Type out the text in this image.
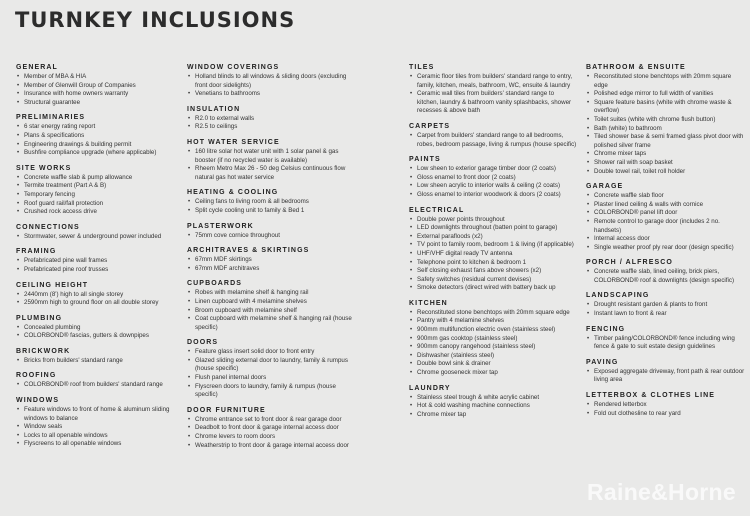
TURNKEY INCLUSIONS
GENERAL
• Member of MBA & HIA
• Member of Glenwill Group of Companies
• Insurance with home owners warranty
• Structural guarantee
PRELIMINARIES
• 6 star energy rating report
• Plans & specifications
• Engineering drawings & building permit
• Bushfire compliance upgrade (where applicable)
SITE WORKS
• Concrete waffle slab & pump allowance
• Termite treatment (Part A & B)
• Temporary fencing
• Roof guard rail/fall protection
• Crushed rock access drive
CONNECTIONS
• Stormwater, sewer & underground power included
FRAMING
• Prefabricated pine wall frames
• Prefabricated pine roof trusses
CEILING HEIGHT
• 2440mm (8') high to all single storey
• 2590mm high to ground floor on all double storey
PLUMBING
• Concealed plumbing
• COLORBOND® fascias, gutters & downpipes
BRICKWORK
• Bricks from builders' standard range
ROOFING
• COLORBOND® roof from builders' standard range
WINDOWS
• Feature windows to front of home & aluminum sliding windows to balance
• Window seals
• Locks to all openable windows
• Flyscreens to all openable windows
WINDOW COVERINGS
• Holland blinds to all windows & sliding doors (excluding front door sidelights)
• Venetians to bathrooms
INSULATION
• R2.0 to external walls
• R2.5 to ceilings
HOT WATER SERVICE
• 160 litre solar hot water unit with 1 solar panel & gas booster (if no recycled water is available)
• Rheem Metro Max 26 - 50 deg Celsius continuous flow natural gas hot water service
HEATING & COOLING
• Ceiling fans to living room & all bedrooms
• Split cycle cooling unit to family & Bed 1
PLASTERWORK
• 75mm cove cornice throughout
ARCHITRAVES & SKIRTINGS
• 67mm MDF skirtings
• 67mm MDF architraves
CUPBOARDS
• Robes with melamine shelf & hanging rail
• Linen cupboard with 4 melamine shelves
• Broom cupboard with melamine shelf
• Coat cupboard with melamine shelf & hanging rail (house specific)
DOORS
• Feature glass insert solid door to front entry
• Glazed sliding external door to laundry, family & rumpus (house specific)
• Flush panel internal doors
• Flyscreen doors to laundry, family & rumpus (house specific)
DOOR FURNITURE
• Chrome entrance set to front door & rear garage door
• Deadbolt to front door & garage internal access door
• Chrome levers to room doors
• Weatherstrip to front door & garage internal access door
TILES
• Ceramic floor tiles from builders' standard range to entry, family, kitchen, meals, bathroom, WC, ensuite & laundry
• Ceramic wall tiles from builders' standard range to kitchen, laundry & bathroom vanity splashbacks, shower recesses & above bath
CARPETS
• Carpet from builders' standard range to all bedrooms, robes, bedroom passage, living & rumpus (house specific)
PAINTS
• Low sheen to exterior garage timber door (2 coats)
• Gloss enamel to front door (2 coats)
• Low sheen acrylic to interior walls & ceiling (2 coats)
• Gloss enamel to interior woodwork & doors (2 coats)
ELECTRICAL
• Double power points throughout
• LED downlights throughout (batten point to garage)
• External parafloods (x2)
• TV point to family room, bedroom 1 & living (if applicable)
• UHF/VHF digital ready TV antenna
• Telephone point to kitchen & bedroom 1
• Self closing exhaust fans above showers (x2)
• Safety switches (residual current devises)
• Smoke detectors (direct wired with battery back up
KITCHEN
• Reconstituted stone benchtops with 20mm square edge
• Pantry with 4 melamine shelves
• 900mm multifunction electric oven (stainless steel)
• 900mm gas cooktop (stainless steel)
• 900mm canopy rangehood (stainless steel)
• Dishwasher (stainless steel)
• Double bowl sink & drainer
• Chrome gooseneck mixer tap
LAUNDRY
• Stainless steel trough & white acrylic cabinet
• Hot & cold washing machine connections
• Chrome mixer tap
BATHROOM & ENSUITE
• Reconstituted stone benchtops with 20mm square edge
• Polished edge mirror to full width of vanities
• Square feature basins (white with chrome waste & overflow)
• Toilet suites (white with chrome flush button)
• Bath (white) to bathroom
• Tiled shower base & semi framed glass pivot door with polished silver frame
• Chrome mixer taps
• Shower rail with soap basket
• Double towel rail, toilet roll holder
GARAGE
• Concrete waffle slab floor
• Plaster lined ceiling & walls with cornice
• COLORBOND® panel lift door
• Remote control to garage door (includes 2 no. handsets)
• Internal access door
• Single weather proof ply rear door (design specific)
PORCH / ALFRESCO
• Concrete waffle slab, lined ceiling, brick piers, COLORBOND® roof & downlights (design specific)
LANDSCAPING
• Drought resistant garden & plants to front
• Instant lawn to front & rear
FENCING
• Timber paling/COLORBOND® fence including wing fence & gate to suit estate design guidelines
PAVING
• Exposed aggregate driveway, front path & rear outdoor living area
LETTERBOX & CLOTHES LINE
• Rendered letterbox
• Fold out clothesline to rear yard
Raine&Horne
